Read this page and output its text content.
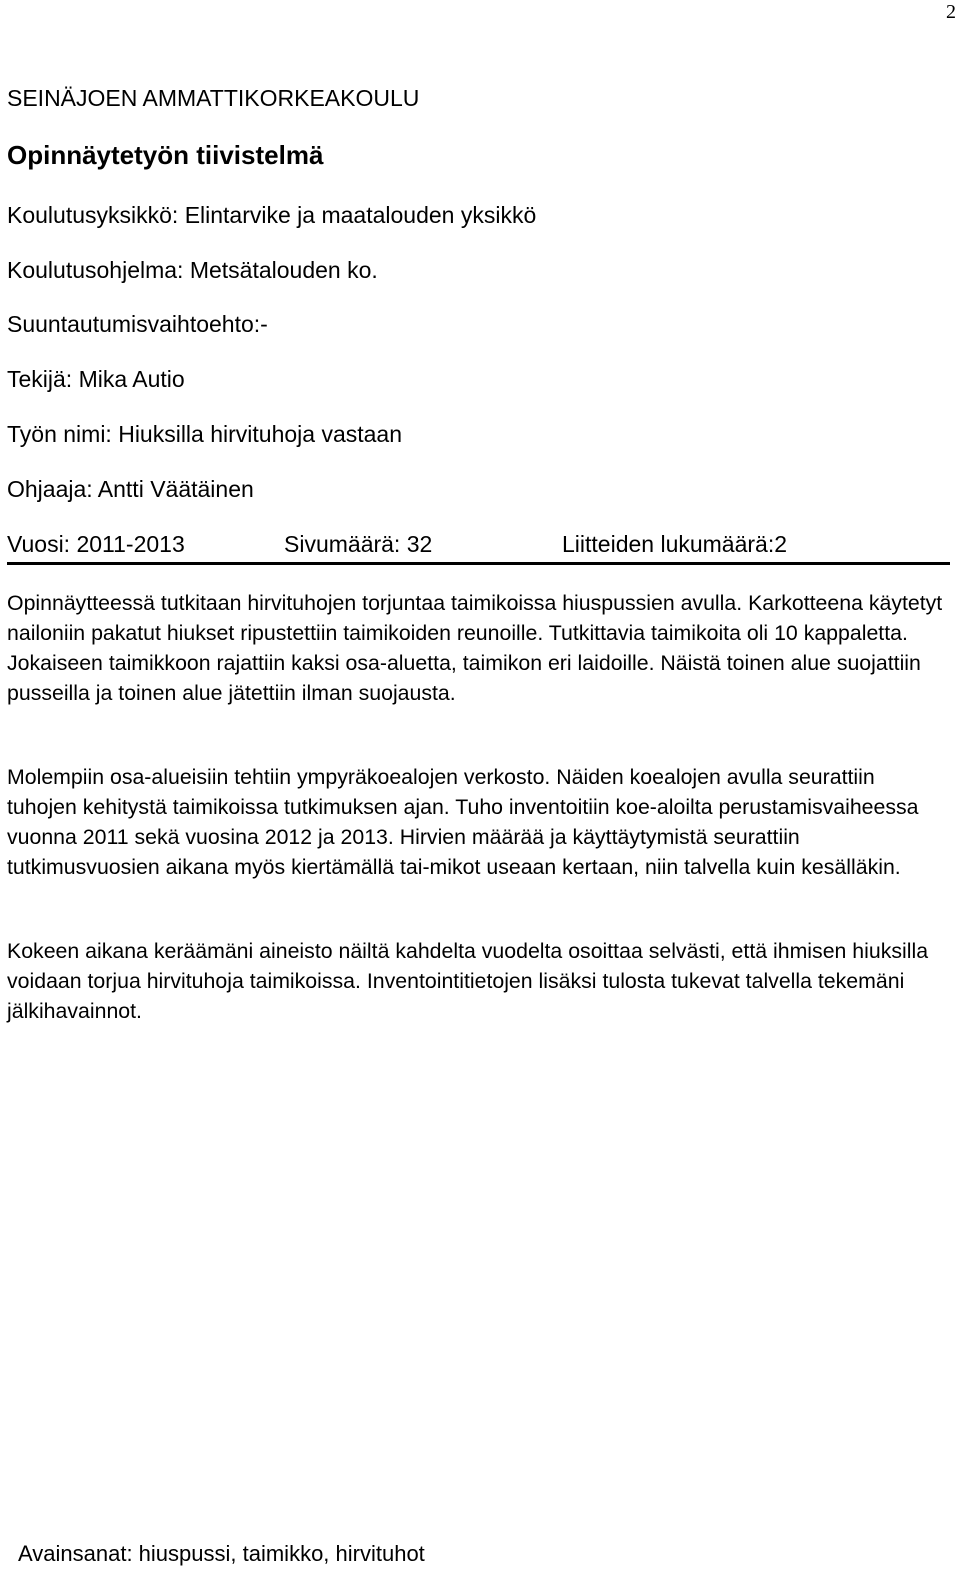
2
SEINÄJOEN AMMATTIKORKEAKOULU
Opinnäytetyön tiivistelmä
Koulutusyksikkö: Elintarvike ja maatalouden yksikkö
Koulutusohjelma: Metsätalouden ko.
Suuntautumisvaihtoehto:-
Tekijä: Mika Autio
Työn nimi: Hiuksilla hirvituhoja vastaan
Ohjaaja: Antti Väätäinen
Vuosi: 2011-2013	Sivumäärä: 32	Liitteiden lukumäärä:2

Opinnäytteessä tutkitaan hirvituhojen torjuntaa taimikoissa hiuspussien avulla. Karkotteena käytetyt nailoniin pakatut hiukset ripustettiin taimikoiden reunoille. Tutkittavia taimikoita oli 10 kappaletta. Jokaiseen taimikkoon rajattiin kaksi osa-aluetta, taimikon eri laidoille. Näistä toinen alue suojattiin pusseilla ja toinen alue jätettiin ilman suojausta.

Molempiin osa-alueisiin tehtiin ympyräkoealojen verkosto. Näiden koealojen avulla seurattiin tuhojen kehitystä taimikoissa tutkimuksen ajan. Tuho inventoitiin koe-aloilta perustamisvaiheessa vuonna 2011 sekä vuosina 2012 ja 2013. Hirvien määrää ja käyttäytymistä seurattiin tutkimusvuosien aikana myös kiertämällä tai-mikot useaan kertaan, niin talvella kuin kesälläkin.

Kokeen aikana keräämäni aineisto näiltä kahdelta vuodelta osoittaa selvästi, että ihmisen hiuksilla voidaan torjua hirvituhoja taimikoissa. Inventointitietojen lisäksi tulosta tukevat talvella tekemäni jälkihavainnot.

Avainsanat: hiuspussi, taimikko, hirvituhot
